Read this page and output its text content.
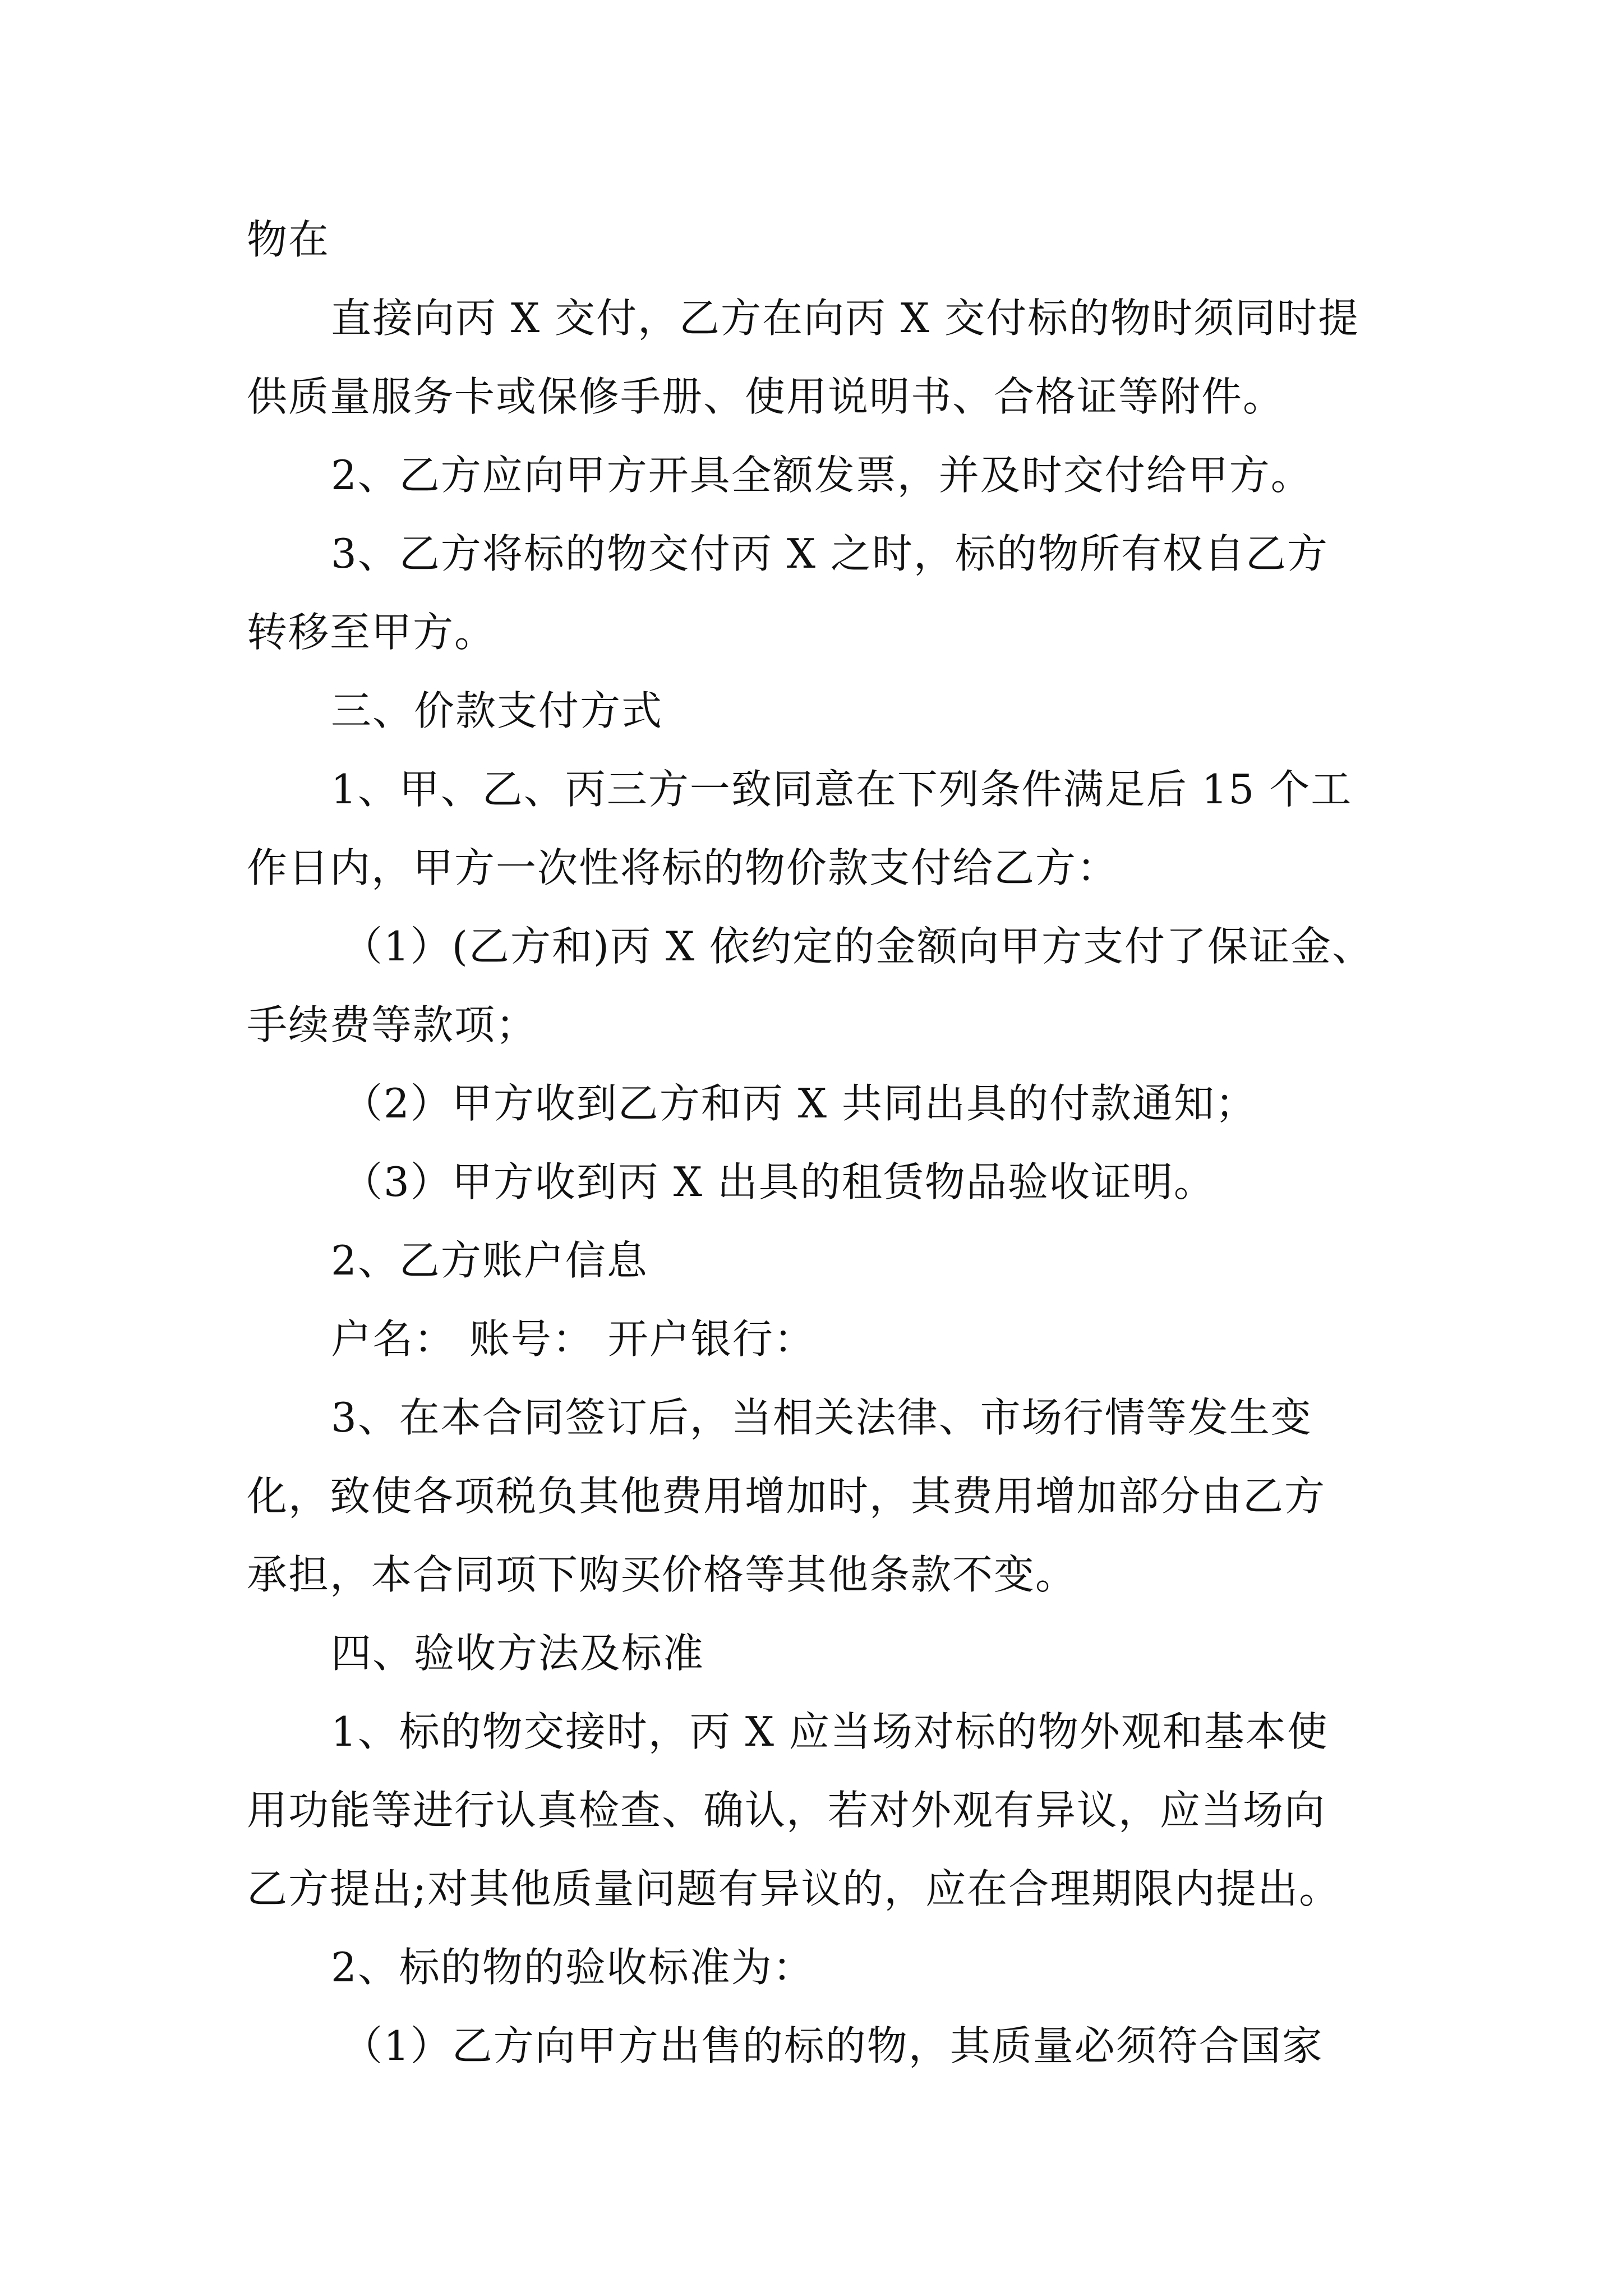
物在
直接向丙 X 交付，乙方在向丙 X 交付标的物时须同时提
供质量服务卡或保修手册、使用说明书、合格证等附件。
2、乙方应向甲方开具全额发票，并及时交付给甲方。
3、乙方将标的物交付丙 X 之时，标的物所有权自乙方
转移至甲方。
三、价款支付方式
1、甲、乙、丙三方一致同意在下列条件满足后 15 个工
作日内，甲方一次性将标的物价款支付给乙方：
（1）(乙方和)丙 X 依约定的金额向甲方支付了保证金、
手续费等款项；
（2）甲方收到乙方和丙 X 共同出具的付款通知；
（3）甲方收到丙 X 出具的租赁物品验收证明。
2、乙方账户信息
户名： 账号： 开户银行：
3、在本合同签订后，当相关法律、市场行情等发生变
化，致使各项税负其他费用增加时，其费用增加部分由乙方
承担，本合同项下购买价格等其他条款不变。
四、验收方法及标准
1、标的物交接时，丙 X 应当场对标的物外观和基本使
用功能等进行认真检查、确认，若对外观有异议，应当场向
乙方提出;对其他质量问题有异议的，应在合理期限内提出。
2、标的物的验收标准为：
（1）乙方向甲方出售的标的物，其质量必须符合国家
